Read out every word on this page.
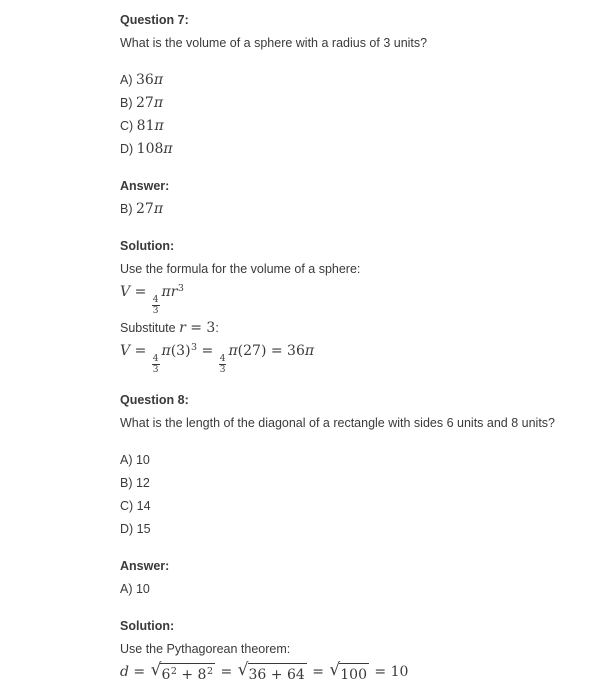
Question 7:
What is the volume of a sphere with a radius of 3 units?
A) 36π
B) 27π
C) 81π
D) 108π
Answer:
B) 27π
Solution:
Use the formula for the volume of a sphere:
V =
$\frac{4}{3}$
$\pi r^3$
Substitute r = 3:
V =
$\frac{4}{3}$
$\pi(3)^3$ =
$\frac{4}{3}$
π(27) = 36π
Question 8:
What is the length of the diagonal of a rectangle with sides 6 units and 8 units?
A) 10
B) 12
C) 14
D) 15
Answer:
A) 10
Solution:
Use the Pythagorean theorem:
d = √ $6^2 + 8^2$ = √ 36 + 64 = √ 100 = 10
